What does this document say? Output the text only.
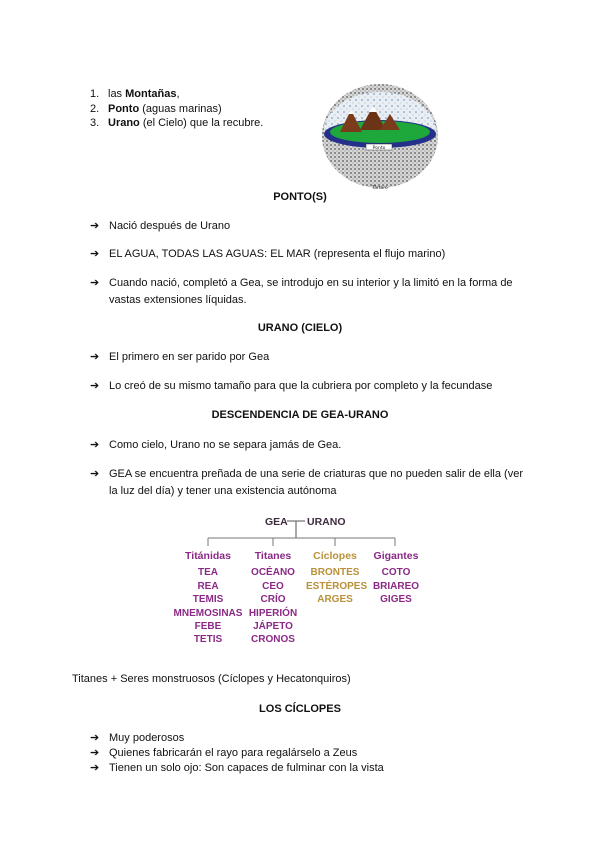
1. las Montañas,
2. Ponto (aguas marinas)
3. Urano (el Cielo) que la recubre.
Ponto
Tártaro
PONTO(S)
➔ Nació después de Urano
➔ EL AGUA, TODAS LAS AGUAS: EL MAR (representa el flujo marino)
➔ Cuando nació, completó a Gea, se introdujo en su interior y la limitó en la forma de vastas extensiones líquidas.
URANO (CIELO)
➔ El primero en ser parido por Gea
➔ Lo creó de su mismo tamaño para que la cubriera por completo y la fecundase
DESCENDENCIA DE GEA-URANO
➔ Como cielo, Urano no se separa jamás de Gea.
➔ GEA se encuentra preñada de una serie de criaturas que no pueden salir de ella (ver la luz del día) y tener una existencia autónoma
GEA URANO
Titánidas
TEA
REA
TEMIS
MNEMOSINAS
FEBE
TETIS
Titanes
OCÉANO
CEO
CRÍO
HIPERIÓN
JÁPETO
CRONOS
Cíclopes
BRONTES
ESTÉROPES
ARGES
Gigantes
COTO
BRIAREO
GIGES
Titanes + Seres monstruosos (Cíclopes y Hecatonquiros)
LOS CÍCLOPES
➔ Muy poderosos
➔ Quienes fabricarán el rayo para regalárselo a Zeus
➔ Tienen un solo ojo: Son capaces de fulminar con la vista
